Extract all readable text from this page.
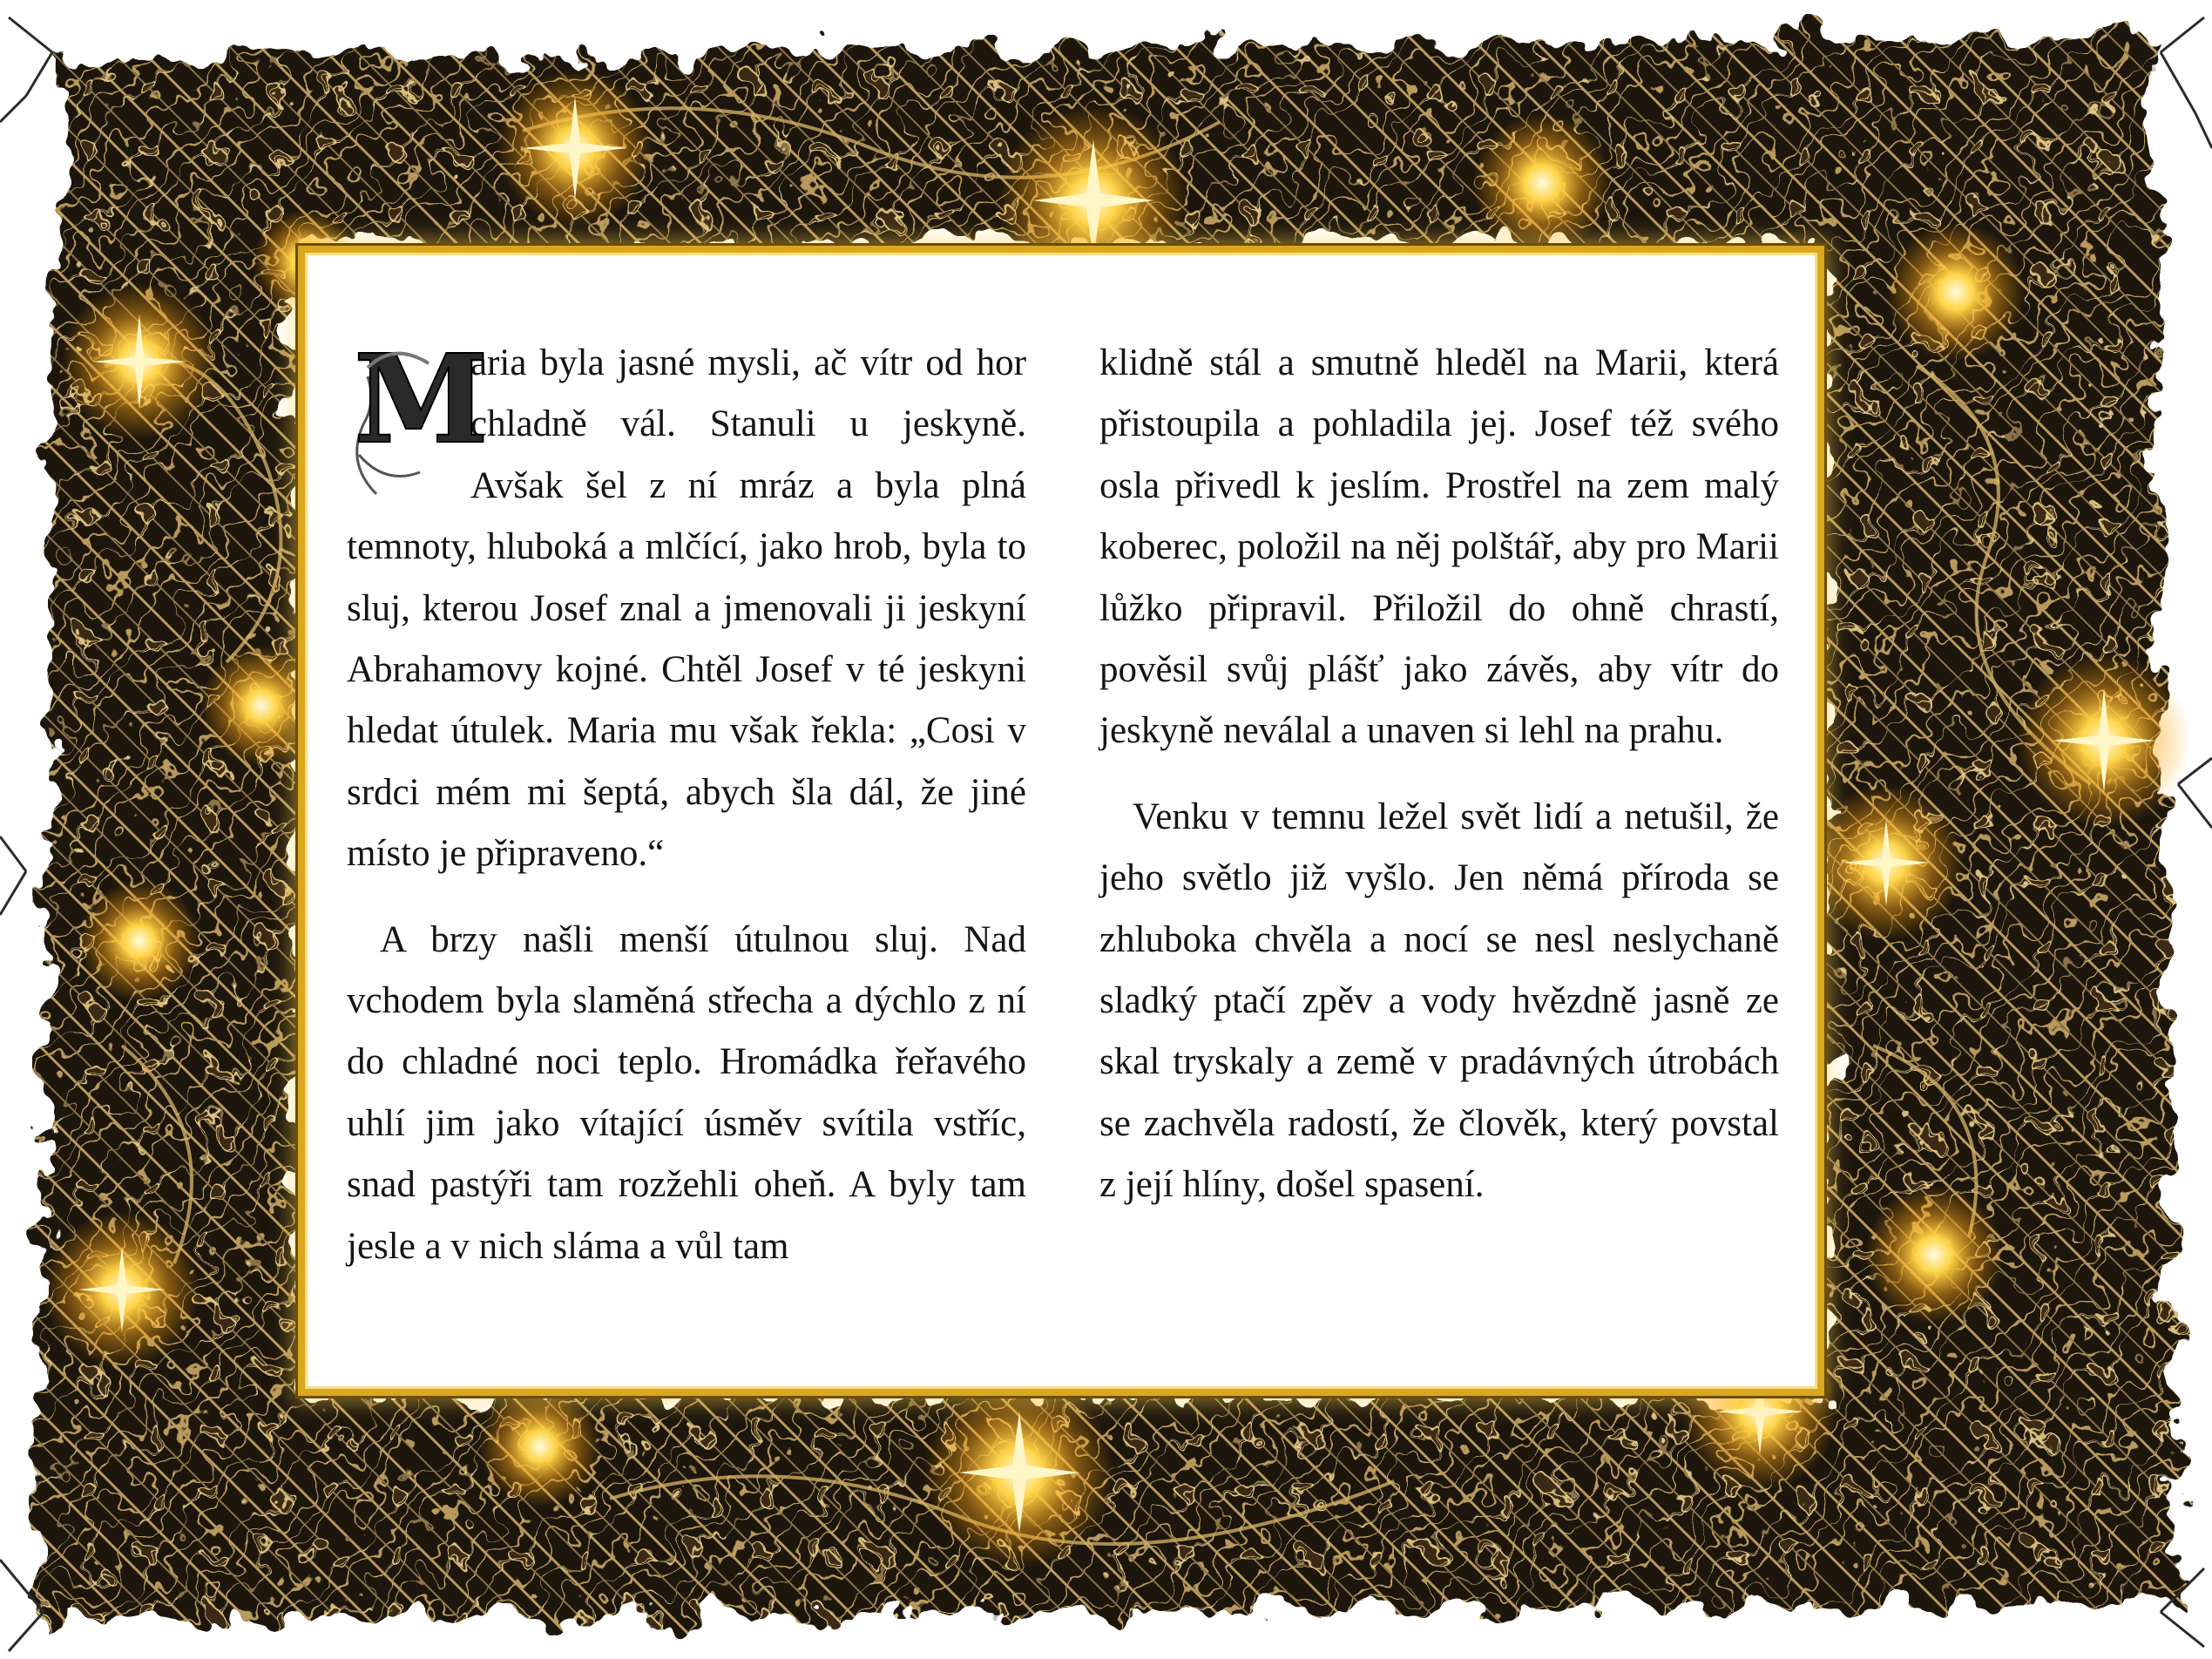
M

aria byla jasné mysli, ač vítr od hor chladně vál. Stanuli u jeskyně. Avšak šel z ní mráz a byla plná temnoty, hluboká a mlčící, jako hrob, byla to sluj, kterou Josef znal a jmenovali ji jeskyní Abrahamovy kojné. Chtěl Josef v té jeskyni hledat útulek. Maria mu však řekla: „Cosi v srdci mém mi šeptá, abych šla dál, že jiné místo je připraveno.“

A brzy našli menší útulnou sluj. Nad vchodem byla slaměná střecha a dýchlo z ní do chladné noci teplo. Hromádka řeřavého uhlí jim jako vítající úsměv svítila vstříc, snad pastýři tam rozžehli oheň. A byly tam jesle a v nich sláma a vůl tam

klidně stál a smutně hleděl na Marii, která přistoupila a pohladila jej. Josef též svého osla přivedl k jeslím. Prostřel na zem malý koberec, položil na něj polštář, aby pro Marii lůžko připravil. Přiložil do ohně chrastí, pověsil svůj plášť jako závěs, aby vítr do jeskyně neválal a unaven si lehl na prahu.

Venku v temnu ležel svět lidí a netušil, že jeho světlo již vyšlo. Jen němá příroda se zhluboka chvěla a nocí se nesl neslychaně sladký ptačí zpěv a vody hvězdně jasně ze skal tryskaly a země v pradávných útrobách se zachvěla radostí, že člověk, který povstal z její hlíny, došel spasení.
